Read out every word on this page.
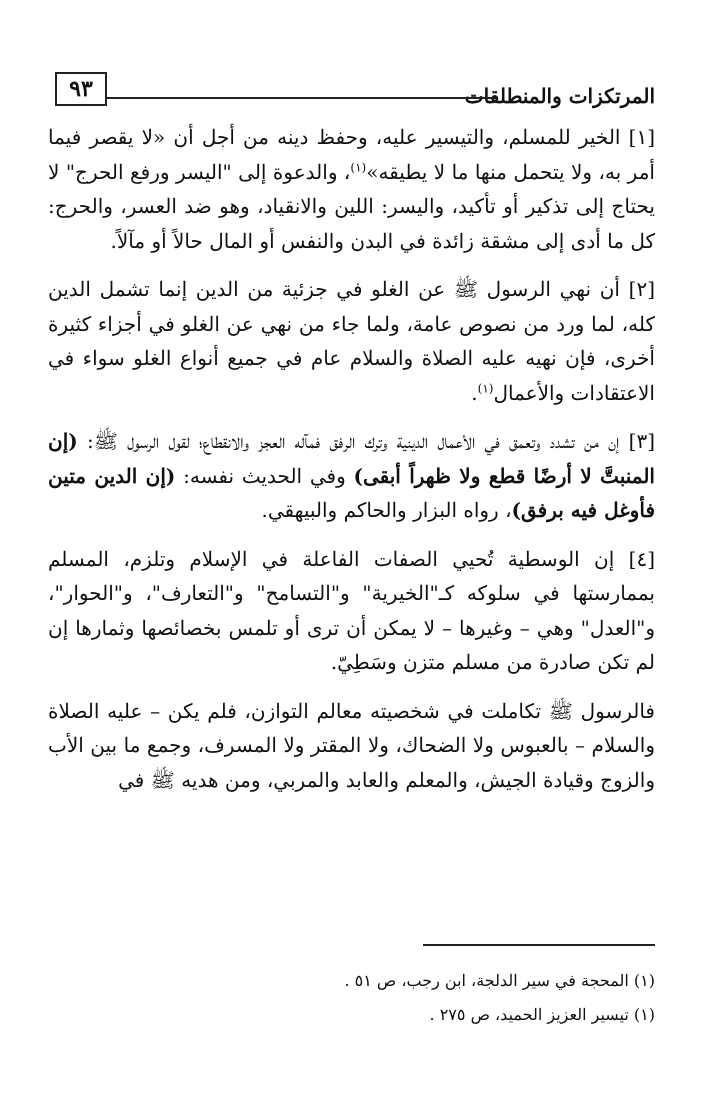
المرتكزات والمنطلقات
٩٣

[١] الخير للمسلم، والتيسير عليه، وحفظ دينه من أجل أن «لا يقصر فيما أمر به، ولا يتحمل منها ما لا يطيقه»$^{(١)}$، والدعوة إلى "اليسر ورفع الحرج" لا يحتاج إلى تذكير أو تأكيد، واليسر: اللين والانقياد، وهو ضد العسر، والحرج: كل ما أدى إلى مشقة زائدة في البدن والنفس أو المال حالاً أو مآلاً.

[٢] أن نهي الرسول ﷺ عن الغلو في جزئية من الدين إنما تشمل الدين كله، لما ورد من نصوص عامة، ولما جاء من نهي عن الغلو في أجزاء كثيرة أخرى، فإن نهيه عليه الصلاة والسلام عام في جميع أنواع الغلو سواء في الاعتقادات والأعمال$^{(١)}$.

[٣] إن من تشدد وتعمق في الأعمال الدينية وترك الرفق فمآله العجز والانقطاع؛ لقول الرسول ﷺ: (إن المنبتَّ لا أرضًا قطع ولا ظهراً أبقى) وفي الحديث نفسه: (إن الدين متين فأوغل فيه برفق)، رواه البزار والحاكم والبيهقي.

[٤] إن الوسطية تُحيي الصفات الفاعلة في الإسلام وتلزم، المسلم بممارستها في سلوكه كـ"الخيرية" و"التسامح" و"التعارف"، و"الحوار"، و"العدل" وهي – وغيرها – لا يمكن أن ترى أو تلمس بخصائصها وثمارها إن لم تكن صادرة من مسلم متزن وسَطِيّ.

فالرسول ﷺ تكاملت في شخصيته معالم التوازن، فلم يكن – عليه الصلاة والسلام – بالعبوس ولا الضحاك، ولا المقتر ولا المسرف، وجمع ما بين الأب والزوج وقيادة الجيش، والمعلم والعابد والمربي، ومن هديه ﷺ في

(١) المحجة في سير الدلجة، ابن رجب، ص ٥١ .

(١) تيسير العزيز الحميد، ص ٢٧٥ .
